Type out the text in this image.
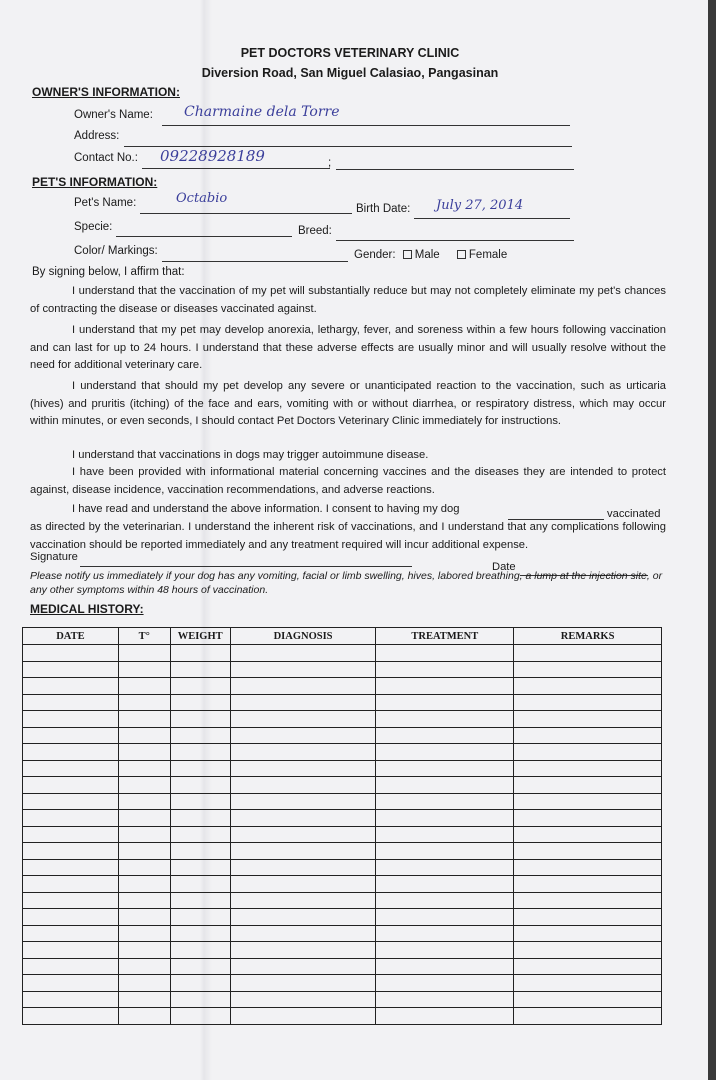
PET DOCTORS VETERINARY CLINIC
Diversion Road, San Miguel Calasiao, Pangasinan
OWNER'S INFORMATION:
Owner's Name: Charmaine dela Torre
Address:
Contact No.: 09228928189	;
PET'S INFORMATION:
Pet's Name:	Octabio
Birth Date: July 27, 2014
Specie:	Breed:
Color/ Markings:	Gender: Male	Female
By signing below, I affirm that:
I understand that the vaccination of my pet will substantially reduce but may not completely eliminate my pet's chances of contracting the disease or diseases vaccinated against.
I understand that my pet may develop anorexia, lethargy, fever, and soreness within a few hours following vaccination and can last for up to 24 hours. I understand that these adverse effects are usually minor and will usually resolve without the need for additional veterinary care.
I understand that should my pet develop any severe or unanticipated reaction to the vaccination, such as urticaria (hives) and pruritis (itching) of the face and ears, vomiting with or without diarrhea, or respiratory distress, which may occur within minutes, or even seconds, I should contact Pet Doctors Veterinary Clinic immediately for instructions.
I understand that vaccinations in dogs may trigger autoimmune disease.
I have been provided with informational material concerning vaccines and the diseases they are intended to protect against, disease incidence, vaccination recommendations, and adverse reactions.
I have read and understand the above information. I consent to having my dog	vaccinated
as directed by the veterinarian. I understand the inherent risk of vaccinations, and I understand that any complications following vaccination should be reported immediately and any treatment required will incur additional expense.
Signature
Date
Please notify us immediately if your dog has any vomiting, facial or limb swelling, hives, labored breathing, a lump at the injection site, or any other symptoms within 48 hours of vaccination.
MEDICAL HISTORY:
DATE	T°	WEIGHT	DIAGNOSIS	TREATMENT	REMARKS
